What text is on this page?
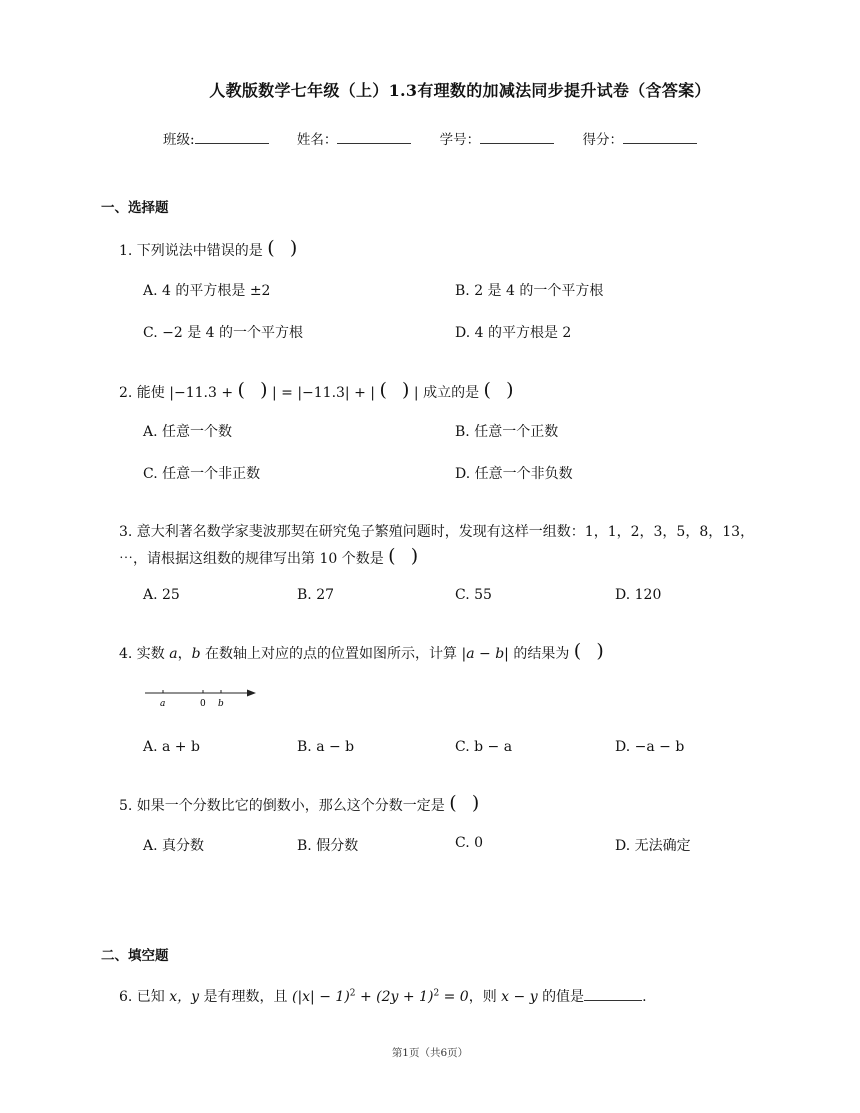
人教版数学七年级（上）1.3有理数的加减法同步提升试卷（含答案）
班级:	姓名：	学号：	得分：
一、选择题
1. 下列说法中错误的是 ( )
A. 4 的平方根是 ±2	B. 2 是 4 的一个平方根
C. −2 是 4 的一个平方根	D. 4 的平方根是 2
2. 能使 |−11.3 + ( )	| = |−11.3| + | ( )	| 成立的是 ( )
A. 任意一个数	B. 任意一个正数
C. 任意一个非正数	D. 任意一个非负数
3. 意大利著名数学家斐波那契在研究兔子繁殖问题时，发现有这样一组数：1，1，2，3，5，8，13，
⋯，请根据这组数的规律写出第 10 个数是 ( )
A. 25	B. 27	C. 55	D. 120
4. 实数 a，b 在数轴上对应的点的位置如图所示，计算 |a − b| 的结果为 ( )
a	0 b
A. a + b	B. a − b	C. b − a	D. −a − b
5. 如果一个分数比它的倒数小，那么这个分数一定是 ( )
A. 真分数	B. 假分数	C. 0	D. 无法确定
二、填空题
6. 已知 x，y 是有理数，且 $(|x| - 1)^2 + (2y + 1)^2 = 0$，则 x − y 的值是	.
第1页（共6页）
